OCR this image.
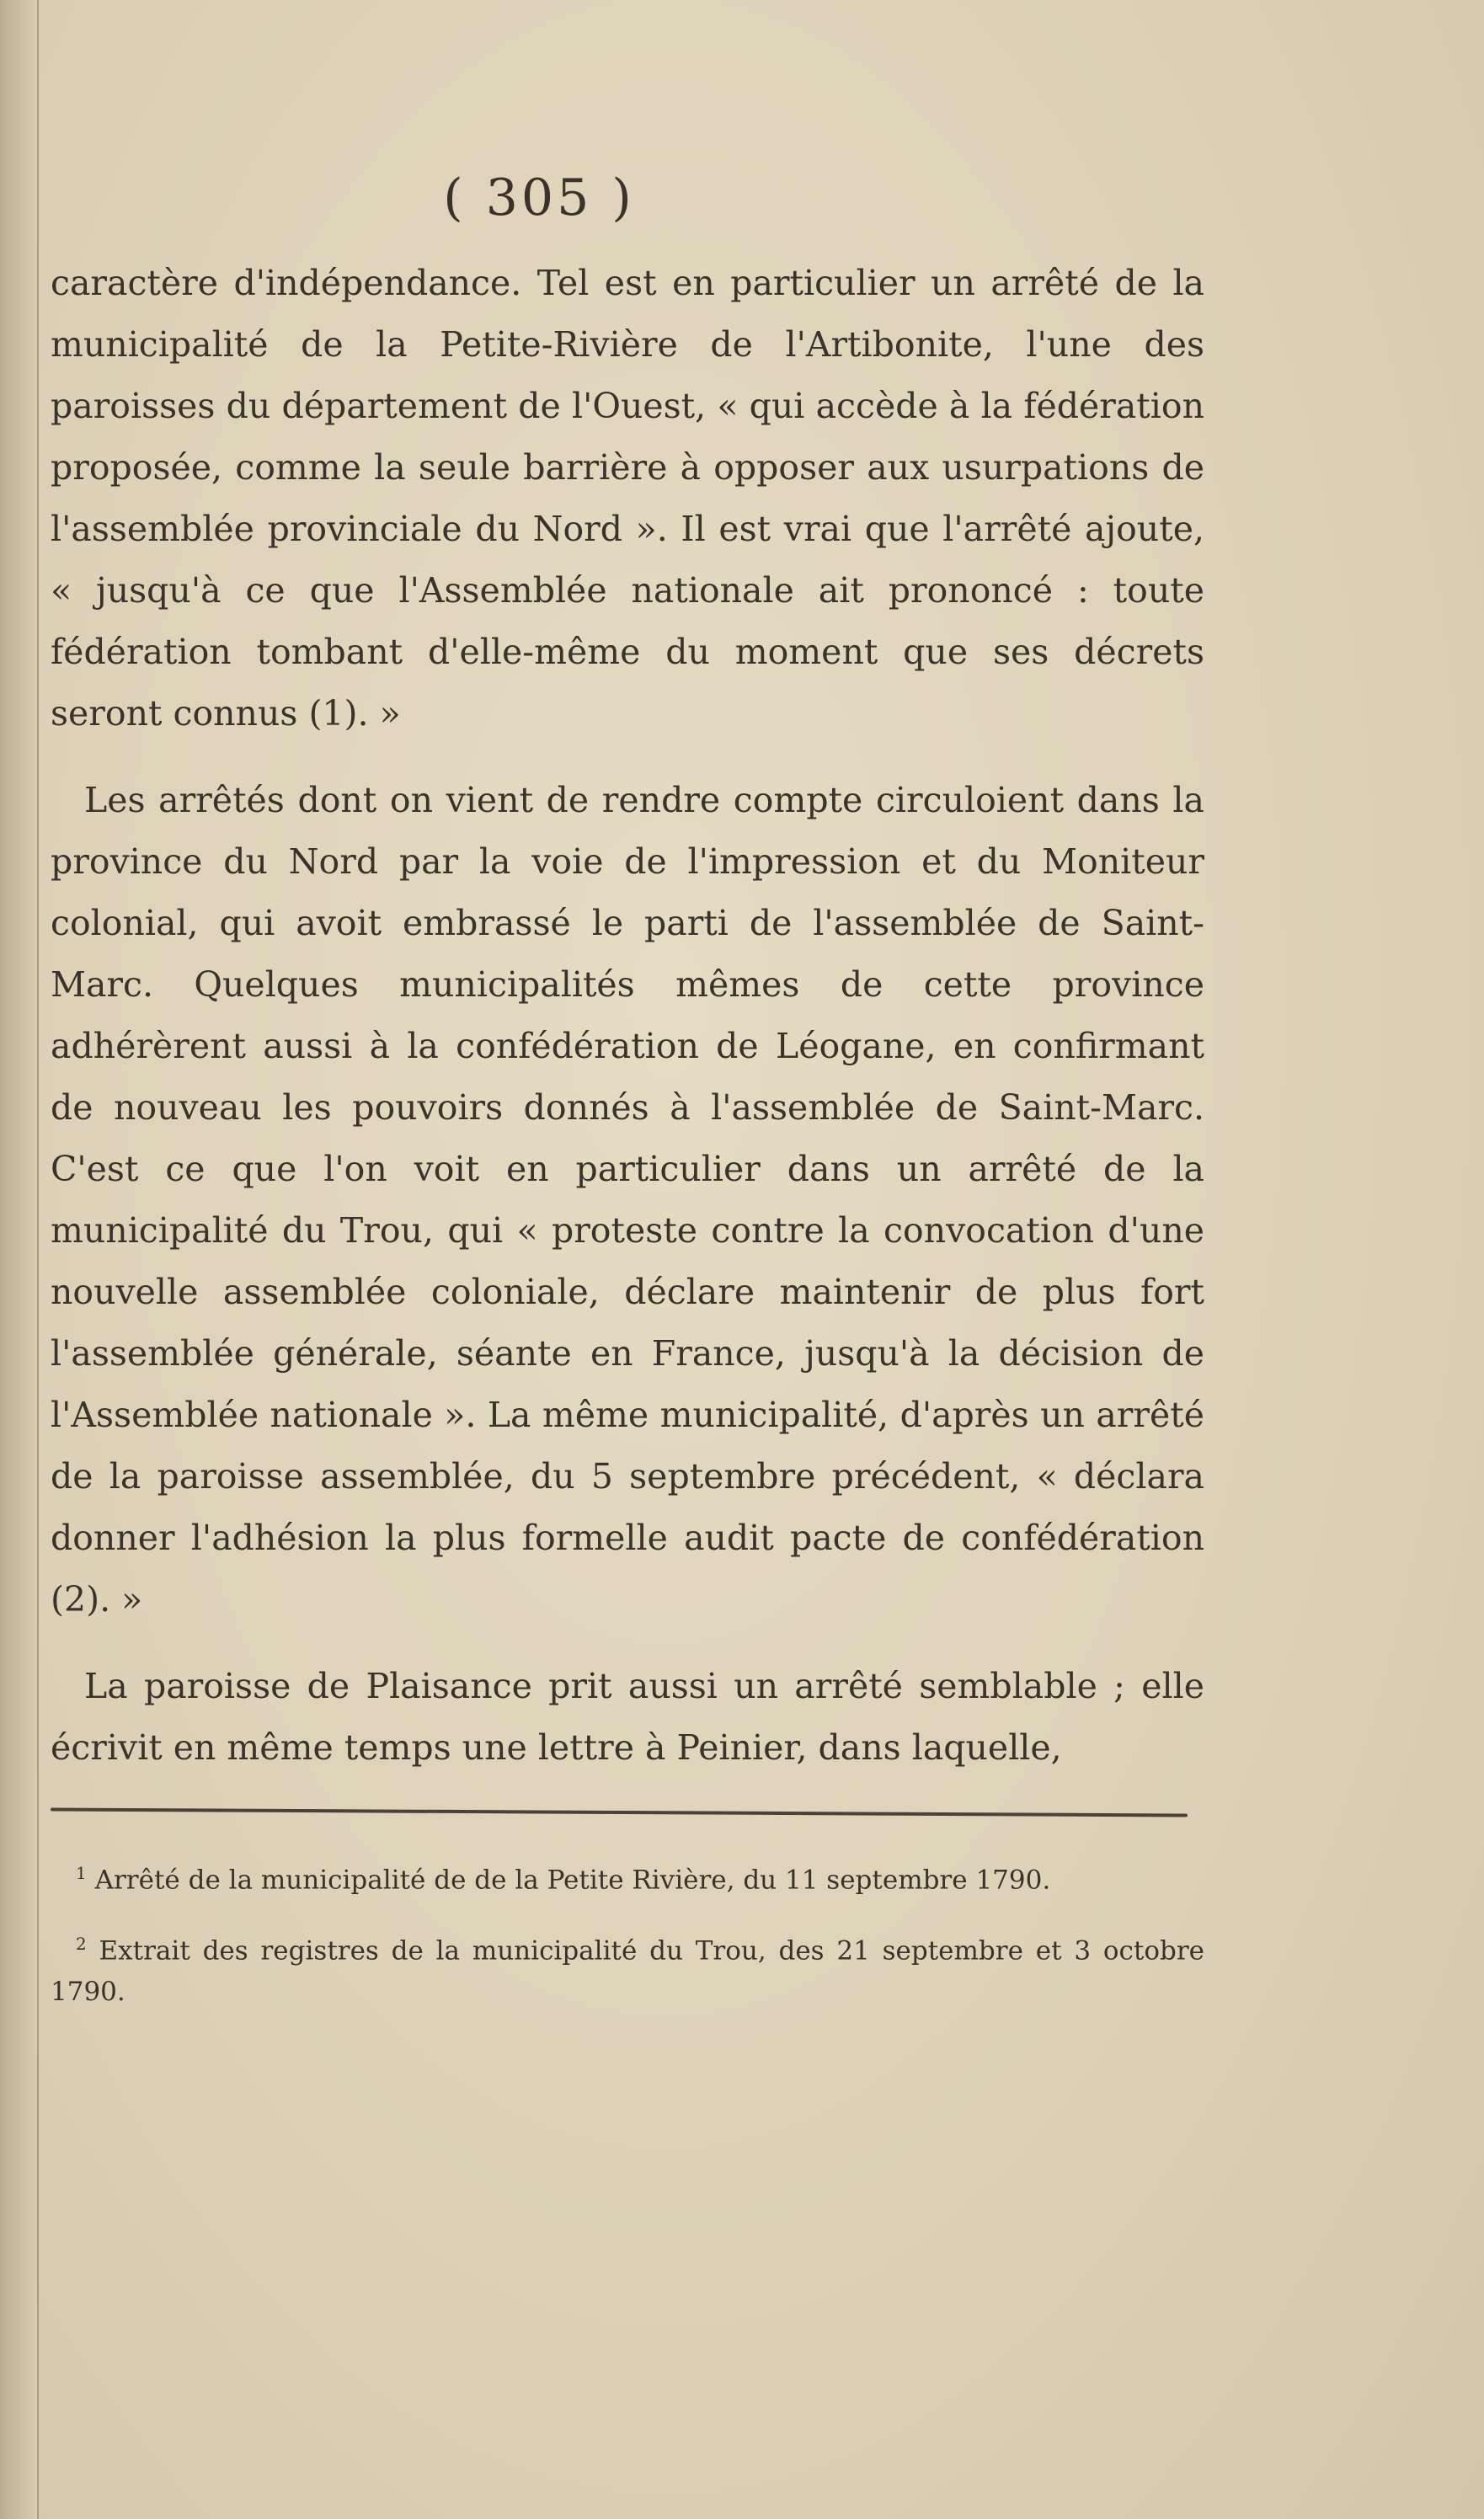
( 305 )

caractère d'indépendance. Tel est en particulier un arrêté de la municipalité de la Petite-Rivière de l'Artibonite, l'une des paroisses du département de l'Ouest, « qui accède à la fédération proposée, comme la seule barrière à opposer aux usurpations de l'assemblée provinciale du Nord ». Il est vrai que l'arrêté ajoute, « jusqu'à ce que l'Assemblée nationale ait prononcé : toute fédération tombant d'elle-même du moment que ses décrets seront connus (1). »

Les arrêtés dont on vient de rendre compte circuloient dans la province du Nord par la voie de l'impression et du Moniteur colonial, qui avoit embrassé le parti de l'assemblée de Saint-Marc. Quelques municipalités mêmes de cette province adhérèrent aussi à la confédération de Léogane, en confirmant de nouveau les pouvoirs donnés à l'assemblée de Saint-Marc. C'est ce que l'on voit en particulier dans un arrêté de la municipalité du Trou, qui « proteste contre la convocation d'une nouvelle assemblée coloniale, déclare maintenir de plus fort l'assemblée générale, séante en France, jusqu'à la décision de l'Assemblée nationale ». La même municipalité, d'après un arrêté de la paroisse assemblée, du 5 septembre précédent, « déclara donner l'adhésion la plus formelle audit pacte de confédération (2). »

La paroisse de Plaisance prit aussi un arrêté semblable ; elle écrivit en même temps une lettre à Peinier, dans laquelle,

$^1$ Arrêté de la municipalité de de la Petite Rivière, du 11 septembre 1790.

$^2$ Extrait des registres de la municipalité du Trou, des 21 septembre et 3 octobre 1790.
